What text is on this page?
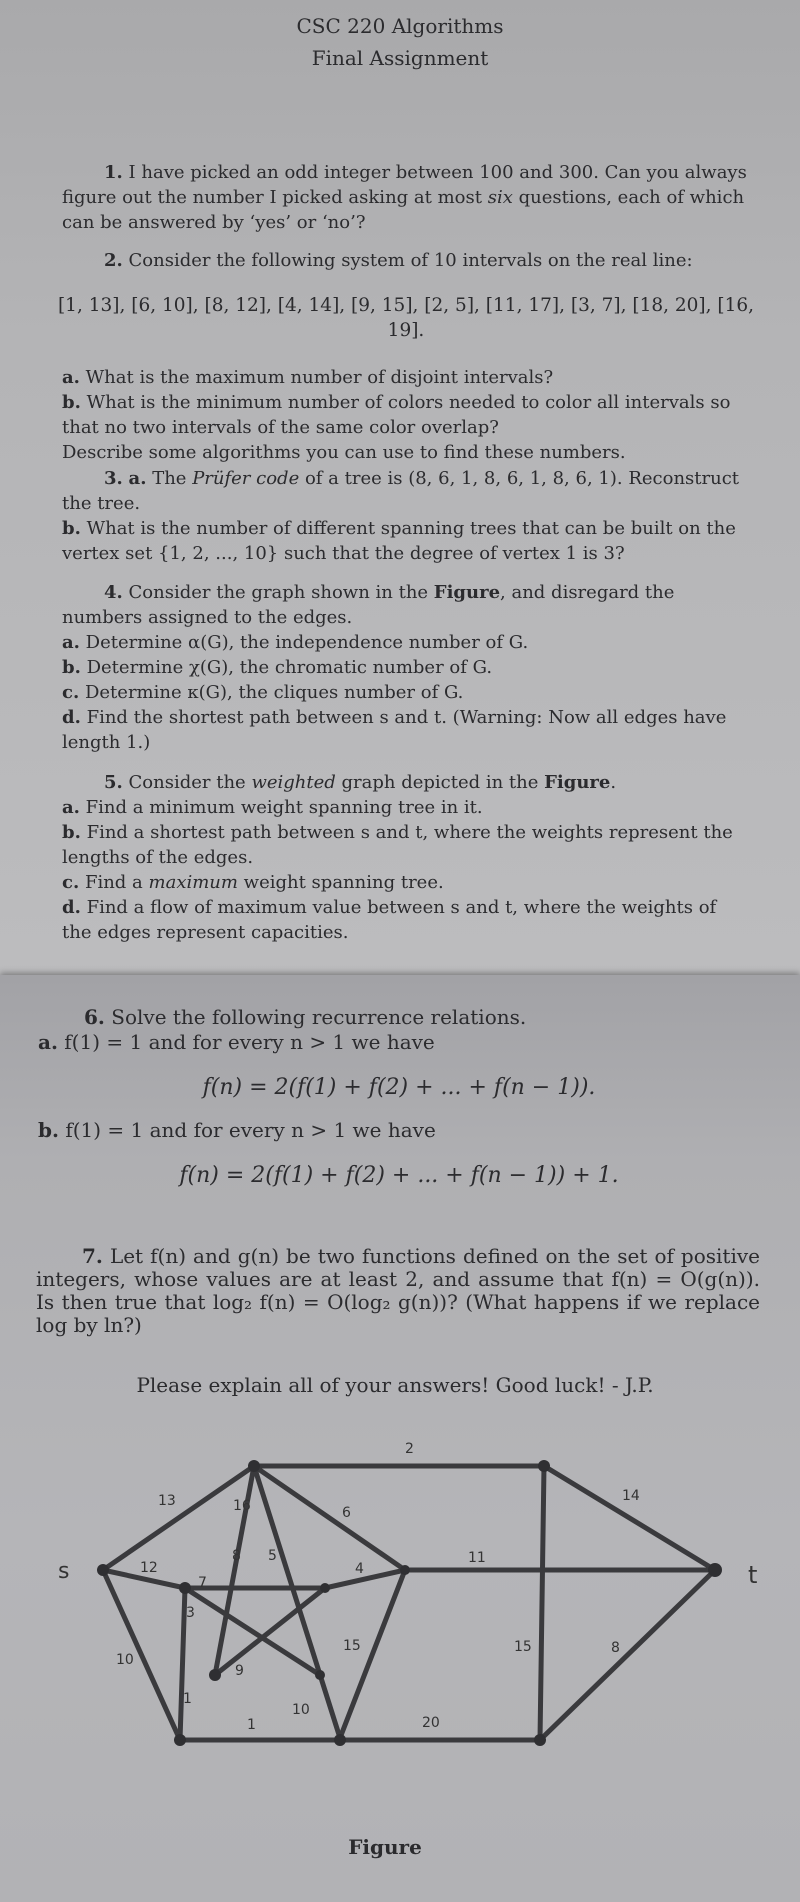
CSC 220 Algorithms
Final Assignment

1. I have picked an odd integer between 100 and 300. Can you always figure out the number I picked asking at most six questions, each of which can be answered by ‘yes’ or ‘no’?

2. Consider the following system of 10 intervals on the real line:

[1, 13], [6, 10], [8, 12], [4, 14], [9, 15], [2, 5], [11, 17], [3, 7], [18, 20], [16, 19].

a. What is the maximum number of disjoint intervals?

b. What is the minimum number of colors needed to color all intervals so that no two intervals of the same color overlap?

Describe some algorithms you can use to find these numbers.

3. a. The Prüfer code of a tree is (8, 6, 1, 8, 6, 1, 8, 6, 1). Reconstruct the tree.

b. What is the number of different spanning trees that can be built on the vertex set {1, 2, ..., 10} such that the degree of vertex 1 is 3?

4. Consider the graph shown in the Figure, and disregard the numbers assigned to the edges.

a. Determine α(G), the independence number of G.

b. Determine χ(G), the chromatic number of G.

c. Determine κ(G), the cliques number of G.

d. Find the shortest path between s and t. (Warning: Now all edges have length 1.)

5. Consider the weighted graph depicted in the Figure.

a. Find a minimum weight spanning tree in it.

b. Find a shortest path between s and t, where the weights represent the lengths of the edges.

c. Find a maximum weight spanning tree.

d. Find a flow of maximum value between s and t, where the weights of the edges represent capacities.

6. Solve the following recurrence relations.

a. f(1) = 1 and for every n > 1 we have

f(n) = 2(f(1) + f(2) + ... + f(n − 1)).

b. f(1) = 1 and for every n > 1 we have

f(n) = 2(f(1) + f(2) + ... + f(n − 1)) + 1.

7. Let f(n) and g(n) be two functions defined on the set of positive integers, whose values are at least 2, and assume that f(n) = O(g(n)). Is then true that log₂ f(n) = O(log₂ g(n))? (What happens if we replace log by ln?)

Please explain all of your answers! Good luck! - J.P.
s	t
2
13	16	6
14
12
8 5
4
11
7
3
15	15	8
10
9
1
10
1	20
Figure
